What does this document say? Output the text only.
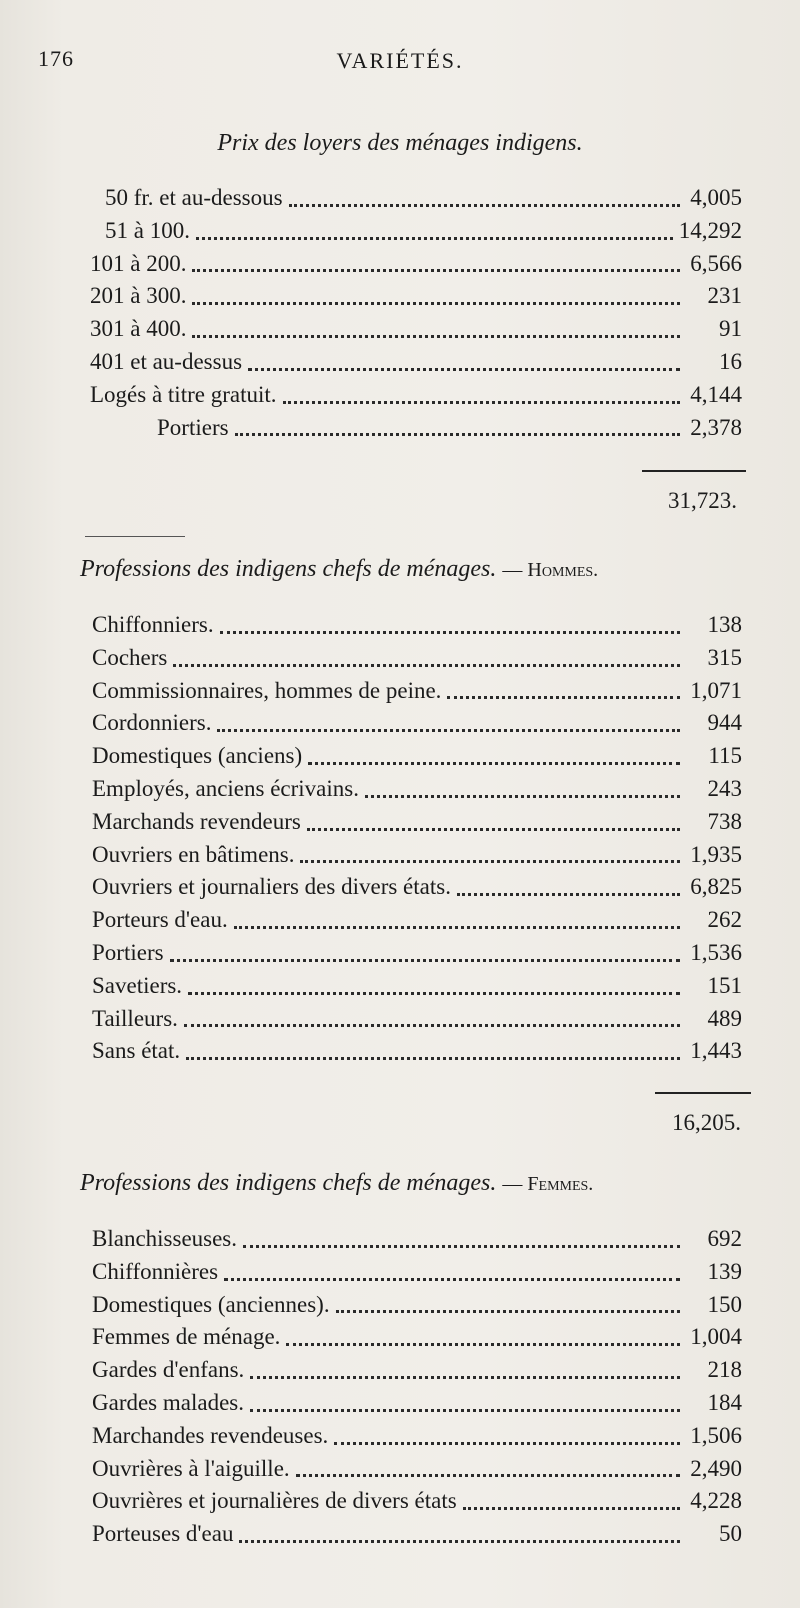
176	VARIÉTÉS.
Prix des loyers des ménages indigens.
50 fr. et au-dessous	4,005
51 à 100.	14,292
101 à 200.	6,566
201 à 300.	231
301 à 400.	91
401 et au-dessus	16
Logés à titre gratuit.	4,144
Portiers	2,378
31,723.
Professions des indigens chefs de ménages. — Hommes.
Chiffonniers.	138
Cochers	315
Commissionnaires, hommes de peine.	1,071
Cordonniers.	944
Domestiques (anciens)	115
Employés, anciens écrivains.	243
Marchands revendeurs	738
Ouvriers en bâtimens.	1,935
Ouvriers et journaliers des divers états.	6,825
Porteurs d'eau.	262
Portiers	1,536
Savetiers.	151
Tailleurs.	489
Sans état.	1,443
16,205.
Professions des indigens chefs de ménages. — Femmes.
Blanchisseuses.	692
Chiffonnières	139
Domestiques (anciennes).	150
Femmes de ménage.	1,004
Gardes d'enfans.	218
Gardes malades.	184
Marchandes revendeuses.	1,506
Ouvrières à l'aiguille.	2,490
Ouvrières et journalières de divers états	4,228
Porteuses d'eau	50
